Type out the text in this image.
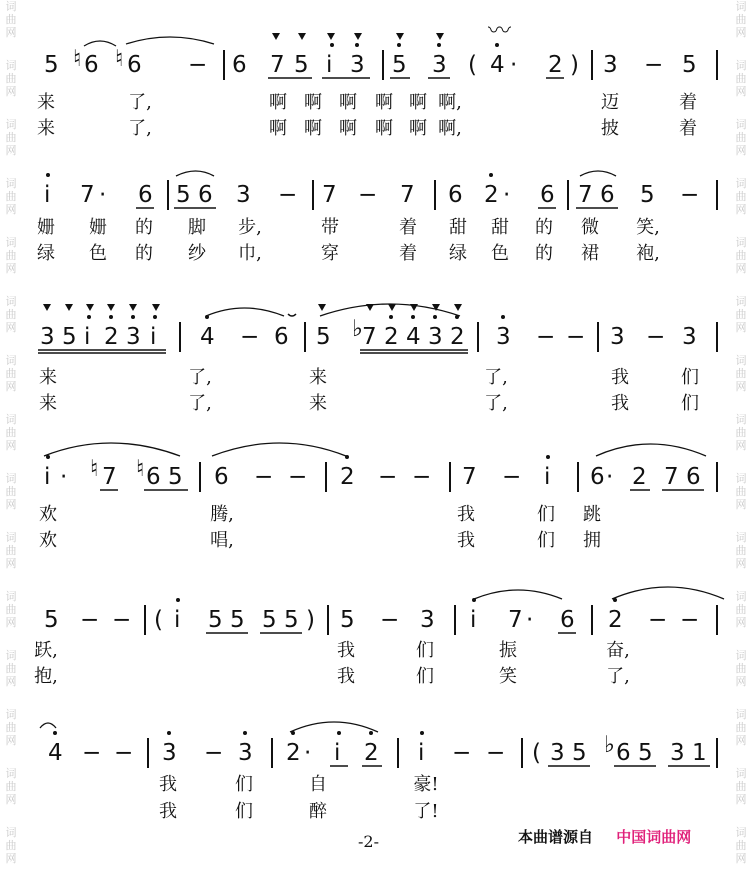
词
曲
网
词
曲
网
词
曲
网
词
曲
网
词
曲
网
词
曲
网
词
曲
网
词
曲
网
词
曲
网
词
曲
网
词
曲
网
词
曲
网
词
曲
网
词
曲
网
词
曲
网
词
曲
网
词
曲
网
词
曲
网
词
曲
网
词
曲
网
词
曲
网
词
曲
网
词
曲
网
词
曲
网
词
曲
网
词
曲
网
词
曲
网
词
曲
网
词
曲
网
词
曲
网
5 ♮ 6 ♮ 6 − 6 7 5 i 3 5 3 ( 4
〰
· 2 ) 3 − 5
来	了,	啊 啊 啊 啊 啊 啊,	迈	着
来	了,	啊 啊 啊 啊 啊 啊,	披	着
i 7 · 6 5 6 3 − 7 − 7 6 2 · 6 7 6 5 −
姗 姗 的 脚 步,	带	着 甜 甜 的 微 笑,
绿 色 的 纱 巾,	穿	着 绿 色 的 裙 袍,
3 5 i 2 3 i 4 − 6 5 ♭ 7 2 4 3 2 3 − − 3 − 3
来	了,	来	了,	我	们
来	了,	来	了,	我	们
i · ♮ 7 ♮ 6 5 6 − − 2 − − 7 − i 6 · 2 7 6
欢	腾,	我	们 跳
欢	唱,	我	们 拥
5 − − ( i 5 5 5 5 ) 5 − 3 i 7 · 6 2 − −
跃,	我	们	振	奋,
抱,	我	们	笑	了,
4 − − 3 − 3 2 · i 2 i − − ( 3 5 ♭ 6 5 3 1
我	们	自	豪!
我	们	醉	了!
-2-	本曲谱源自 中国词曲网
